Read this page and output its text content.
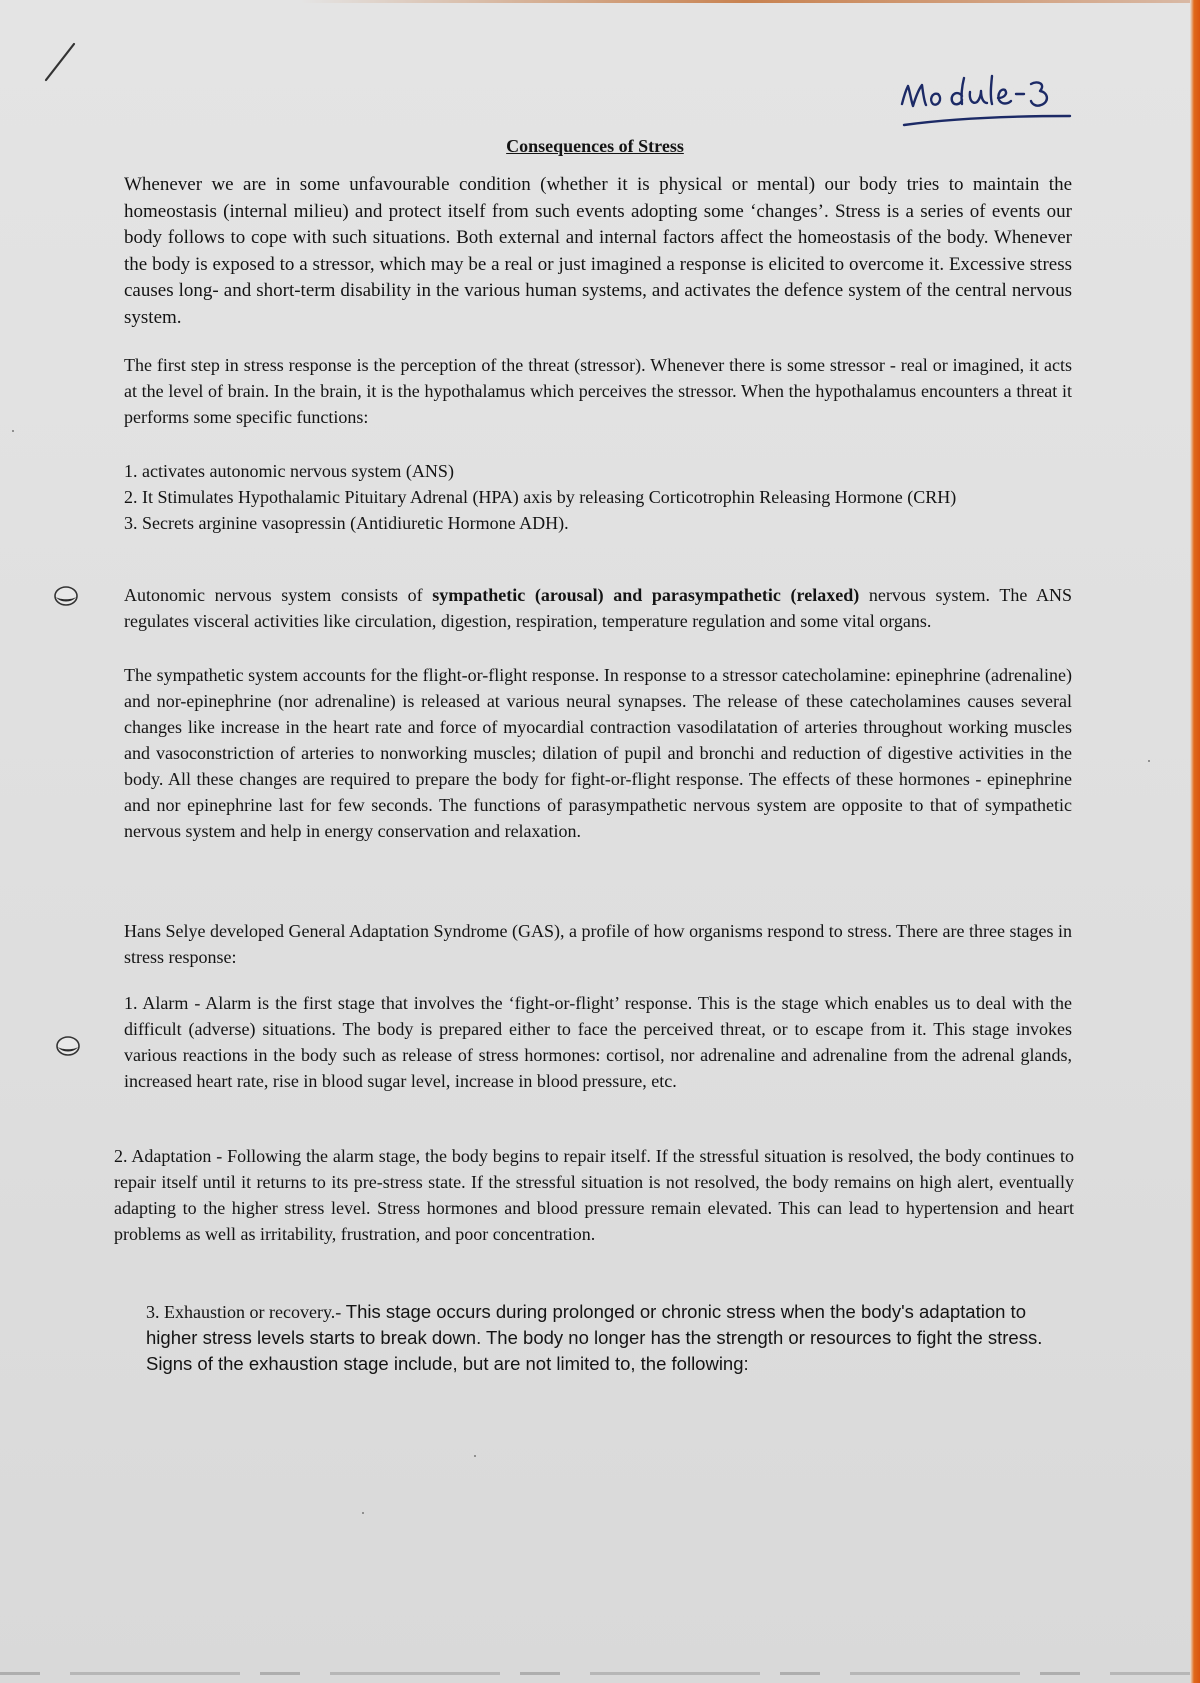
Consequences of Stress

Whenever we are in some unfavourable condition (whether it is physical or mental) our body tries to maintain the homeostasis (internal milieu) and protect itself from such events adopting some ‘changes’. Stress is a series of events our body follows to cope with such situations. Both external and internal factors affect the homeostasis of the body. Whenever the body is exposed to a stressor, which may be a real or just imagined a response is elicited to overcome it. Excessive stress causes long- and short-term disability in the various human systems, and activates the defence system of the central nervous system.

The first step in stress response is the perception of the threat (stressor). Whenever there is some stressor - real or imagined, it acts at the level of brain. In the brain, it is the hypothalamus which perceives the stressor. When the hypothalamus encounters a threat it performs some specific functions:

1. activates autonomic nervous system (ANS)
2. It Stimulates Hypothalamic Pituitary Adrenal (HPA) axis by releasing Corticotrophin Releasing Hormone (CRH)
3. Secrets arginine vasopressin (Antidiuretic Hormone ADH).

Autonomic nervous system consists of sympathetic (arousal) and parasympathetic (relaxed) nervous system. The ANS regulates visceral activities like circulation, digestion, respiration, temperature regulation and some vital organs.

The sympathetic system accounts for the flight-or-flight response. In response to a stressor catecholamine: epinephrine (adrenaline) and nor-epinephrine (nor adrenaline) is released at various neural synapses. The release of these catecholamines causes several changes like increase in the heart rate and force of myocardial contraction vasodilatation of arteries throughout working muscles and vasoconstriction of arteries to nonworking muscles; dilation of pupil and bronchi and reduction of digestive activities in the body. All these changes are required to prepare the body for fight-or-flight response. The effects of these hormones - epinephrine and nor epinephrine last for few seconds. The functions of parasympathetic nervous system are opposite to that of sympathetic nervous system and help in energy conservation and relaxation.

Hans Selye developed General Adaptation Syndrome (GAS), a profile of how organisms respond to stress. There are three stages in stress response:

1. Alarm - Alarm is the first stage that involves the ‘fight-or-flight’ response. This is the stage which enables us to deal with the difficult (adverse) situations. The body is prepared either to face the perceived threat, or to escape from it. This stage invokes various reactions in the body such as release of stress hormones: cortisol, nor adrenaline and adrenaline from the adrenal glands, increased heart rate, rise in blood sugar level, increase in blood pressure, etc.

2. Adaptation - Following the alarm stage, the body begins to repair itself. If the stressful situation is resolved, the body continues to repair itself until it returns to its pre-stress state. If the stressful situation is not resolved, the body remains on high alert, eventually adapting to the higher stress level. Stress hormones and blood pressure remain elevated. This can lead to hypertension and heart problems as well as irritability, frustration, and poor concentration.

3. Exhaustion or recovery.- This stage occurs during prolonged or chronic stress when the body's adaptation to higher stress levels starts to break down. The body no longer has the strength or resources to fight the stress. Signs of the exhaustion stage include, but are not limited to, the following:
